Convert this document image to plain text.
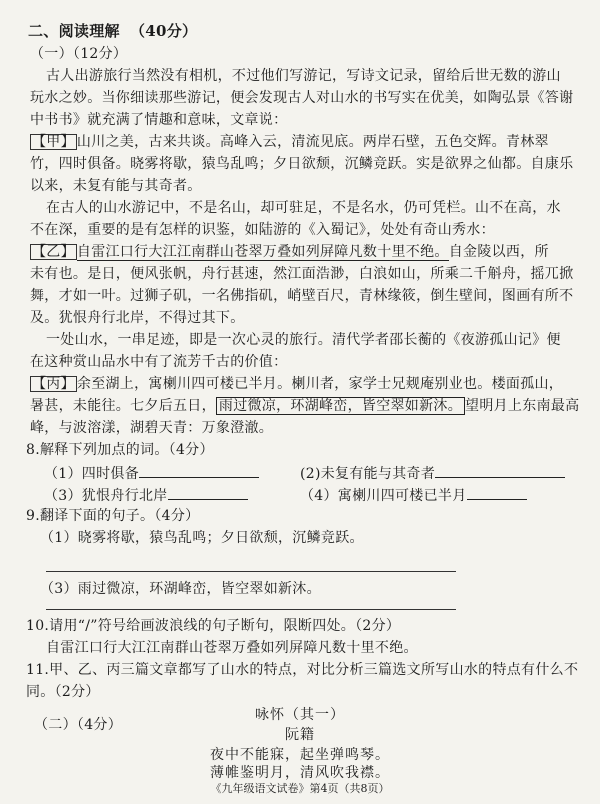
二、阅读理解 （40分）
（一）（12分）
古人出游旅行当然没有相机，不过他们写游记，写诗文记录，留给后世无数的游山
玩水之妙。当你细读那些游记，便会发现古人对山水的书写实在优美，如陶弘景《答谢
中书书》就充满了情趣和意味，文章说：
【甲】 山川之美，古来共谈。高峰入云，清流见底。两岸石壁，五色交辉。青林翠
竹，四时俱备。晓雾将歇，猿鸟乱鸣；夕日欲颓，沉鳞竞跃。实是欲界之仙都。自康乐
以来，未复有能与其奇者。
在古人的山水游记中，不是名山，却可驻足，不是名水，仍可凭栏。山不在高，水
不在深，重要的是有怎样的识鉴，如陆游的《入蜀记》，处处有奇山秀水：
【乙】 自雷江口行大江江南群山苍翠万叠如列屏障凡数十里不绝。自金陵以西，所
未有也。是日，便风张帆，舟行甚速，然江面浩渺，白浪如山，所乘二千斛舟，摇兀掀
舞，才如一叶。过狮子矶，一名佛指矶，峭壁百尺，青林缘筱，倒生壁间，图画有所不
及。犹恨舟行北岸，不得过其下。
一处山水，一串足迹，即是一次心灵的旅行。清代学者邵长蘅的《夜游孤山记》便
在这种赏山品水中有了流芳千古的价值：
【丙】 余至湖上，寓楋川四可楼已半月。楋川者，家学士兄觌庵别业也。楼面孤山，
暑甚，未能往。七夕后五日， 雨过微凉，环湖峰峦，皆空翠如新沐。 望明月上东南最高
峰，与波溶漾，湖碧天青：万象澄澈。
8.解释下列加点的词。（4分）
（1）四时俱备	(2)未复有能与其奇者
（3）犹恨舟行北岸	（4）寓楋川四可楼已半月
9.翻译下面的句子。（4分）
（1）晓雾将歇，猿鸟乱鸣；夕日欲颓，沉鳞竞跃。
（3）雨过微凉，环湖峰峦，皆空翠如新沐。
10.请用“/”符号给画波浪线的句子断句，限断四处。（2分）
自雷江口行大江江南群山苍翠万叠如列屏障凡数十里不绝。
11.甲、乙、丙三篇文章都写了山水的特点，对比分析三篇选文所写山水的特点有什么不
同。（2分）
（二）（4分）
咏怀（其一）
阮籍
夜中不能寐，起坐弹鸣琴。
薄帷鉴明月，清风吹我襟。
《九年级语文试卷》第4页（共8页）
